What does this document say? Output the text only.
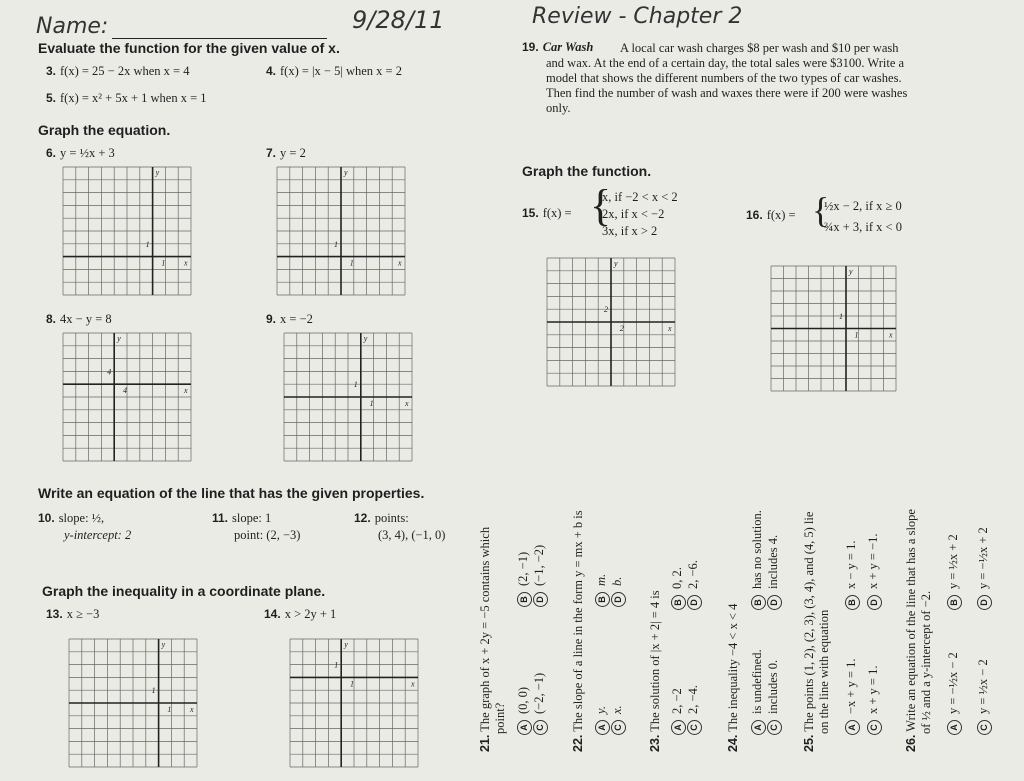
Name:	9/28/11	Review - Chapter 2
Evaluate the function for the given value of x.
3. f(x) = 25 − 2x when x = 4	4. f(x) = |x − 5| when x = 2
5. f(x) = x² + 5x + 1 when x = 1
Graph the equation.
6. y = ½x + 3	7. y = 2
x
y
1
1
x
y
1
1
8. 4x − y = 8	9. x = −2
x
y
4
4
x
y
1
1
Write an equation of the line that has the given properties.
10. slope: ½,
y-intercept: 2
11. slope: 1
point: (2, −3)
12. points:
(3, 4), (−1, 0)
Graph the inequality in a coordinate plane.
13. x ≥ −3	14. x > 2y + 1
x
y
1
1
x
y
1
1
19. Car Wash	A local car wash charges $8 per wash and $10 per wash and wax. At the end of a certain day, the total sales were $3100. Write a model that shows the different numbers of the two types of car washes. Then find the number of wash and waxes there were if 200 were washes only.
Graph the function.
15. f(x) = {
x, if −2 < x < 2
2x, if x < −2
3x, if x > 2
16. f(x) = {
½x − 2, if x ≥ 0
¾x + 3, if x < 0
x
y
2
2
x
y
1
1
21. The graph of x + 2y = −5 contains which
point? A(0, 0)
C(−2, −1)
B(2, −1)
D(−1, −2)
22. The slope of a line in the form y = mx + b is Ay.
Cx.
Bm.
Db.
23. The solution of |x + 2| = 4 is A2, −2
C2, −4.
B0, 2.
D2, −6.
24. The inequality −4 < x < 4 Ais undefined.
Cincludes 0.
Bhas no solution.
Dincludes 4.
25. The points (1, 2), (2, 3), (3, 4), and (4, 5) lie
on the line with equation A−x + y = 1.
Cx + y = 1.
Bx − y = 1.
Dx + y = −1.
26. Write an equation of the line that has a slope
of ½ and a y-intercept of −2. Ay = −½x − 2
Cy = ½x − 2
By = ½x + 2
Dy = −½x + 2
